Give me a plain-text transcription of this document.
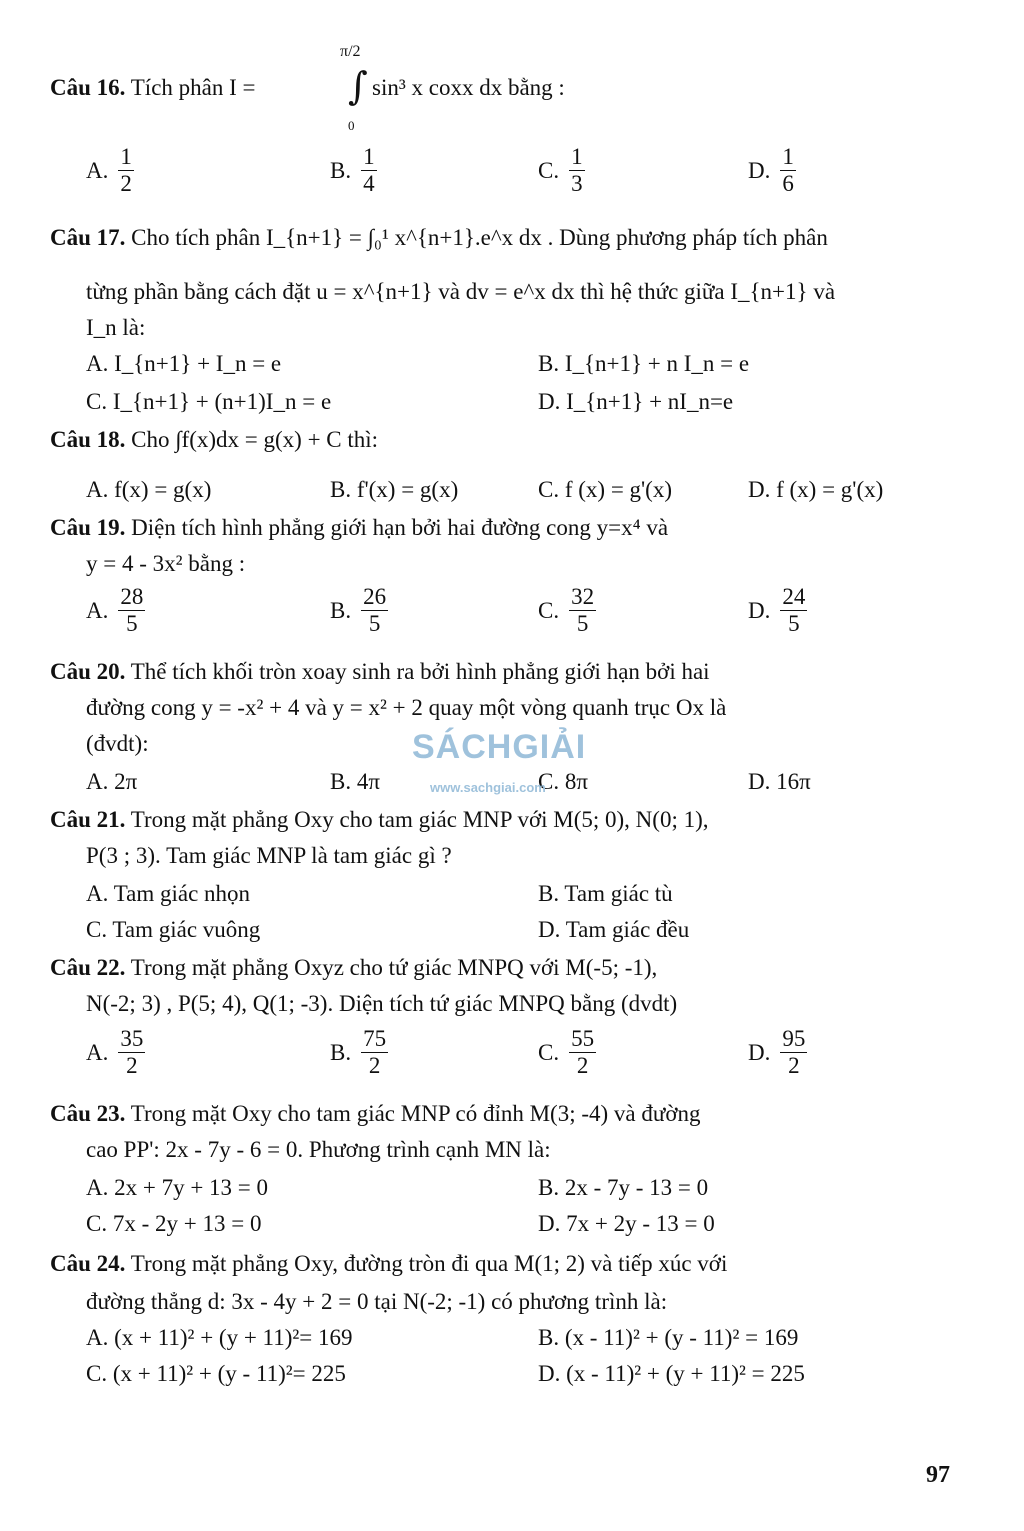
Câu 16. Tích phân I =
π/2
∫
0
sin³ x coxx dx bằng :
A.
1
2
B.
1
4
C.
1
3
D.
1
6
Câu 17. Cho tích phân I_{n+1} = ∫₀¹ x^{n+1}.e^x dx . Dùng phương pháp tích phân
từng phần bằng cách đặt u = x^{n+1} và dv = e^x dx thì hệ thức giữa I_{n+1} và
I_n là:
A. I_{n+1} + I_n = e	B. I_{n+1} + n I_n = e
C. I_{n+1} + (n+1)I_n = e	D. I_{n+1} + nI_n=e
Câu 18. Cho ∫f(x)dx = g(x) + C thì:
A. f(x) = g(x)	B. f'(x) = g(x)	C. f (x) = g'(x)	D. f (x) = g'(x)
Câu 19. Diện tích hình phẳng giới hạn bởi hai đường cong y=x⁴ và
y = 4 - 3x² bằng :
A.
28
5
B.
26
5
C.
32
5
D.
24
5
Câu 20. Thể tích khối tròn xoay sinh ra bởi hình phẳng giới hạn bởi hai
đường cong y = -x² + 4 và y = x² + 2 quay một vòng quanh trục Ox là
(đvdt):
A. 2π	B. 4π	C. 8π	D. 16π
SÁCHGIẢI
www.sachgiai.com
Câu 21. Trong mặt phẳng Oxy cho tam giác MNP với M(5; 0), N(0; 1),
P(3 ; 3). Tam giác MNP là tam giác gì ?
A. Tam giác nhọn	B. Tam giác tù
C. Tam giác vuông	D. Tam giác đều
Câu 22. Trong mặt phẳng Oxyz cho tứ giác MNPQ với M(-5; -1),
N(-2; 3) , P(5; 4), Q(1; -3). Diện tích tứ giác MNPQ bằng (dvdt)
A.
35
2
B.
75
2
C.
55
2
D.
95
2
Câu 23. Trong mặt Oxy cho tam giác MNP có đỉnh M(3; -4) và đường
cao PP': 2x - 7y - 6 = 0. Phương trình cạnh MN là:
A. 2x + 7y + 13 = 0	B. 2x - 7y - 13 = 0
C. 7x - 2y + 13 = 0	D. 7x + 2y - 13 = 0
Câu 24. Trong mặt phẳng Oxy, đường tròn đi qua M(1; 2) và tiếp xúc với
đường thẳng d: 3x - 4y + 2 = 0 tại N(-2; -1) có phương trình là:
A. (x + 11)² + (y + 11)²= 169	B. (x - 11)² + (y - 11)² = 169
C. (x + 11)² + (y - 11)²= 225	D. (x - 11)² + (y + 11)² = 225
97
